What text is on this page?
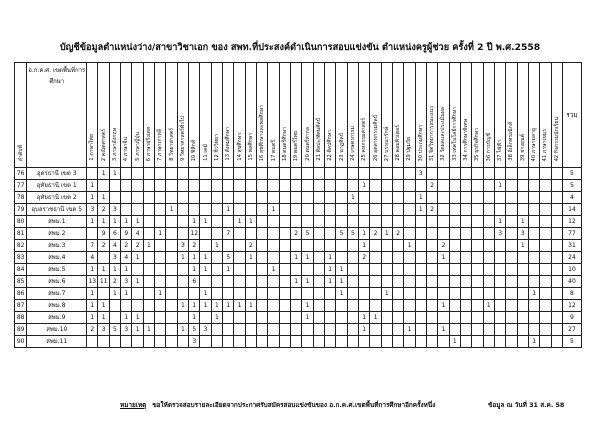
บัญชีข้อมูลตำแหน่งว่าง/สาขาวิชาเอก ของ สพท.ที่ประสงค์ดำเนินการสอบแข่งขัน ตำแหน่งครูผู้ช่วย ครั้งที่ 2 ปี พ.ศ.2558
ลำดับที่	อ.ก.ค.ศ. เขตพื้นที่การศึกษา	1 ภาษาไทย	2 คณิตศาสตร์	3 ภาษาอังกฤษ	4 ภาษาจีน	5 ภาษาญี่ปุ่น	6 ภาษาฝรั่งเศส	7 ภาษาเกาหลี	8 วิทยาศาสตร์	9 วิทยาศาสตร์ทั่วไป	10 ฟิสิกส์	11 เคมี	12 ชีววิทยา	13 สังคมศึกษา	14 สุขศึกษา	15 พลศึกษา	16 สุขศึกษาและพลศึกษา	17 ดนตรี	18 ดนตรีศึกษา	19 ดนตรีไทย	20 ดนตรีสากล	21 ศิลปะ/ทัศนศิลป์	22 ศิลปศึกษา	23 นาฏศิลป์	24 เกษตรกรรม	25 คหกรรมศาสตร์	26 อุตสาหกรรมศิลป์	27 บรรณารักษ์	28 คอมพิวเตอร์	29 ปฐมวัย	30 ประถมศึกษา	31 จิตวิทยาการแนะแนว	32 วัดผลและประเมินผล	33 เทคโนโลยีการศึกษา	34 การศึกษาพิเศษ	35 ธุรกิจศึกษา	36 การบัญชี	37 ไฟฟ้า	38 อิเล็กทรอนิกส์	39 ช่างยนต์	40 ภาษามลายู	41 ภาษาเขมร	42 กิจกรรมนักเรียน	รวม
76	อุดรธานี เขต 3		1	1																											3													5
77	อุทัยธานี เขต 1	1																								1						2						1						5
78	อุทัยธานี เขต 2	1	1																						1						1													4
79	อุบลราชธานี เขต 5	3	2	3					1					1				1													1	2												14
80	สพม.1	1	1	1	1	1					1	1			1	1																						1		1				12
81	สพม.2		9	6	9	4		1			12			7						2	5			5	5	1	2	1	2									3		3				77
82	สพม.3	7	2	4	2	2	1			3	2		1			2										1				1			2							1				31
83	สพม.4	4		3	4	1				1	1	1		5		1				1	1		1			2							1											24
84	สพม.5	1	1	1	1						1	1		1				1					1	1																				10
85	สพม.6	13	11	2	3	1					6									1	1		1	1																				40
86	สพม.7	1		1	1			1				1												1				1													1			8
87	สพม.8	1	1							1	1	1	1	1	1	1					1												1				1							12
88	สพม.9	1	1		1	1					1		1								1					1	1																	9
89	สพม.10	2	3	5	3	1	1			1	5	3														1				1			1											27
90	สพม.11										3																							1							1			5
หมายเหตุ ขอให้ตรวจสอบรายละเอียดจากประกาศรับสมัครสอบแข่งขันของ อ.ก.ค.ศ.เขตพื้นที่การศึกษาอีกครั้งหนึ่ง	ข้อมูล ณ วันที่ 31 ส.ค. 58
